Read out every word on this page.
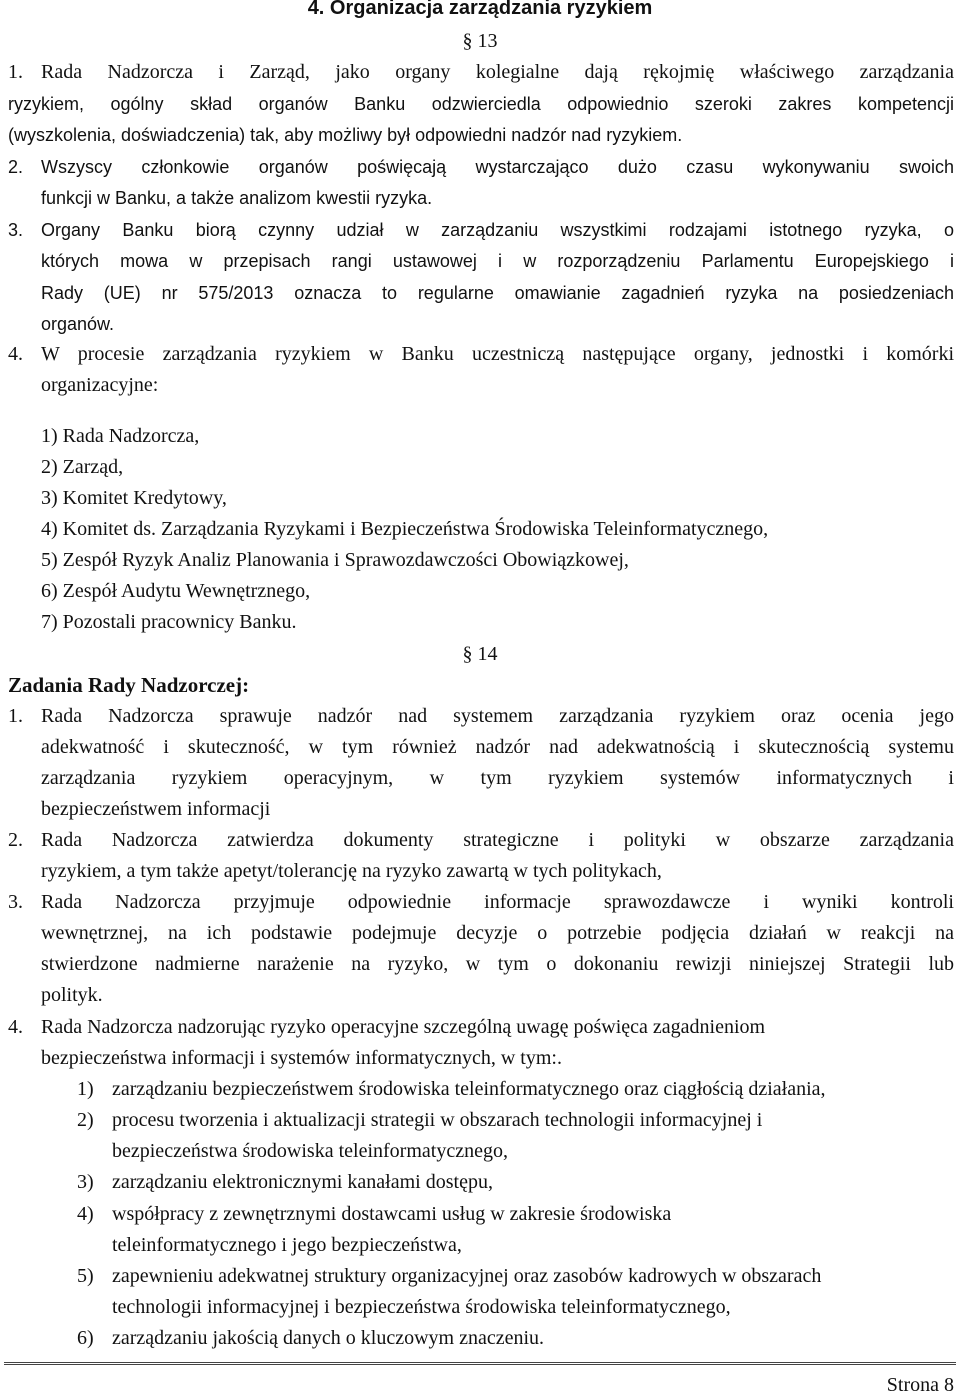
4. Organizacja zarządzania ryzykiem
§ 13
1. Rada Nadzorcza i Zarząd, jako organy kolegialne dają rękojmię właściwego zarządzania
ryzykiem, ogólny skład organów Banku odzwierciedla odpowiednio szeroki zakres kompetencji
(wyszkolenia, doświadczenia) tak, aby możliwy był odpowiedni nadzór nad ryzykiem.
2. Wszyscy członkowie organów poświęcają wystarczająco dużo czasu wykonywaniu swoich
funkcji w Banku, a także analizom kwestii ryzyka.
3. Organy Banku biorą czynny udział w zarządzaniu wszystkimi rodzajami istotnego ryzyka, o
których mowa w przepisach rangi ustawowej i w rozporządzeniu Parlamentu Europejskiego i
Rady (UE) nr 575/2013 oznacza to regularne omawianie zagadnień ryzyka na posiedzeniach
organów.
4. W procesie zarządzania ryzykiem w Banku uczestniczą następujące organy, jednostki i komórki
organizacyjne:
1) Rada Nadzorcza,
2) Zarząd,
3) Komitet Kredytowy,
4) Komitet ds. Zarządzania Ryzykami i Bezpieczeństwa Środowiska Teleinformatycznego,
5) Zespół Ryzyk Analiz Planowania i Sprawozdawczości Obowiązkowej,
6) Zespół Audytu Wewnętrznego,
7) Pozostali pracownicy Banku.
§ 14
Zadania Rady Nadzorczej:
1. Rada Nadzorcza sprawuje nadzór nad systemem zarządzania ryzykiem oraz ocenia jego
adekwatność i skuteczność, w tym również nadzór nad adekwatnością i skutecznością systemu
zarządzania ryzykiem operacyjnym, w tym ryzykiem systemów informatycznych i
bezpieczeństwem informacji
2. Rada Nadzorcza zatwierdza dokumenty strategiczne i polityki w obszarze zarządzania
ryzykiem, a tym także apetyt/tolerancję na ryzyko zawartą w tych politykach,
3. Rada Nadzorcza przyjmuje odpowiednie informacje sprawozdawcze i wyniki kontroli
wewnętrznej, na ich podstawie podejmuje decyzje o potrzebie podjęcia działań w reakcji na
stwierdzone nadmierne narażenie na ryzyko, w tym o dokonaniu rewizji niniejszej Strategii lub
polityk.
4. Rada Nadzorcza nadzorując ryzyko operacyjne szczególną uwagę poświęca zagadnieniom
bezpieczeństwa informacji i systemów informatycznych, w tym:.
1) zarządzaniu bezpieczeństwem środowiska teleinformatycznego oraz ciągłością działania,
2) procesu tworzenia i aktualizacji strategii w obszarach technologii informacyjnej i
bezpieczeństwa środowiska teleinformatycznego,
3) zarządzaniu elektronicznymi kanałami dostępu,
4) współpracy z zewnętrznymi dostawcami usług w zakresie środowiska
teleinformatycznego i jego bezpieczeństwa,
5) zapewnieniu adekwatnej struktury organizacyjnej oraz zasobów kadrowych w obszarach
technologii informacyjnej i bezpieczeństwa środowiska teleinformatycznego,
6) zarządzaniu jakością danych o kluczowym znaczeniu.
Strona 8
